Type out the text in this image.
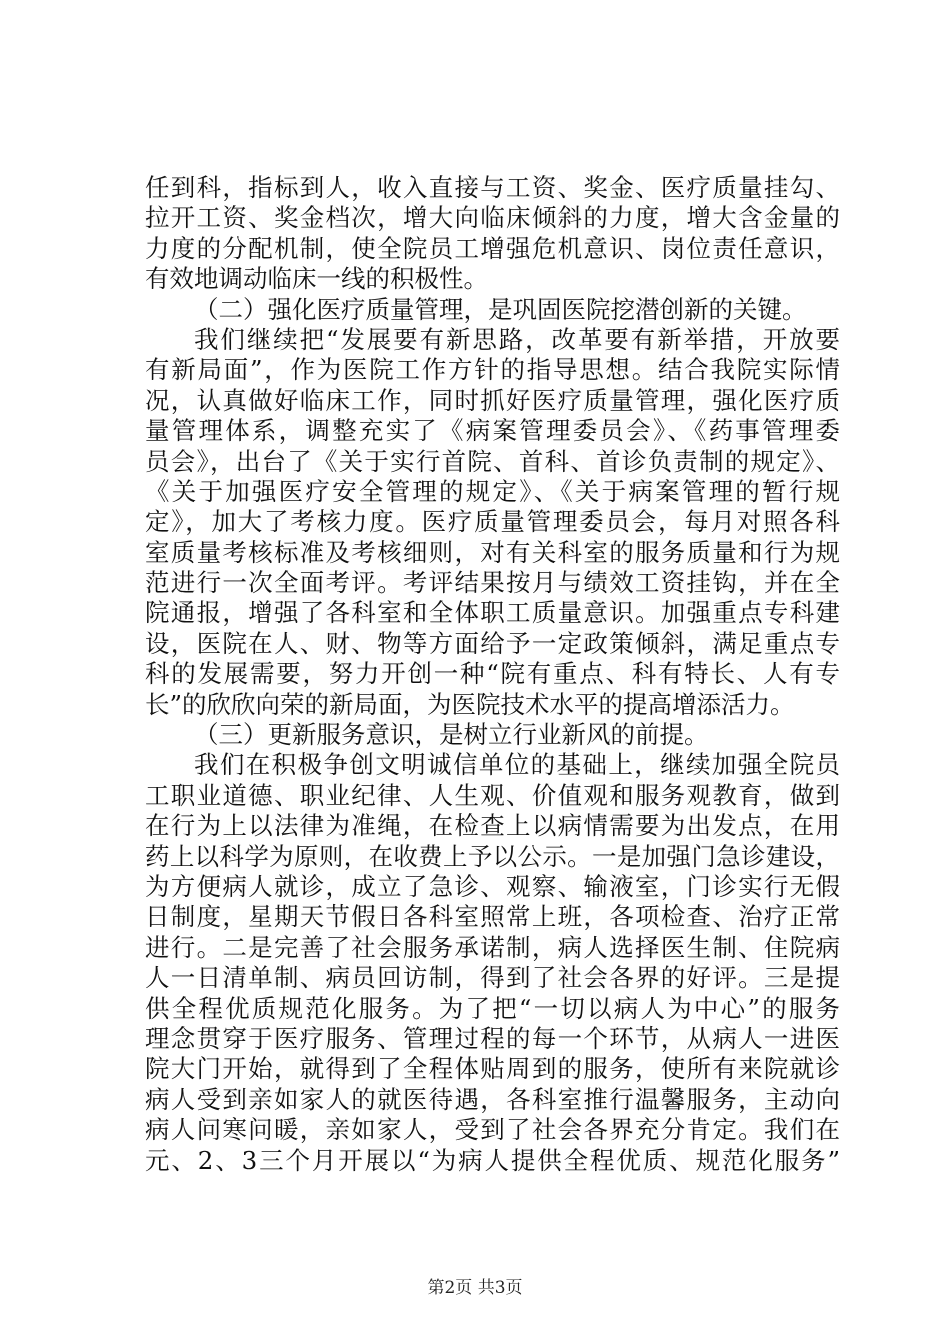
任到科，指标到人，收入直接与工资、奖金、医疗质量挂勾、
拉开工资、奖金档次，增大向临床倾斜的力度，增大含金量的
力度的分配机制，使全院员工增强危机意识、岗位责任意识，
有效地调动临床一线的积极性。
（二）强化医疗质量管理，是巩固医院挖潜创新的关键。
我们继续把“发展要有新思路，改革要有新举措，开放要
有新局面”，作为医院工作方针的指导思想。结合我院实际情
况，认真做好临床工作，同时抓好医疗质量管理，强化医疗质
量管理体系，调整充实了《病案管理委员会》、《药事管理委
员会》，出台了《关于实行首院、首科、首诊负责制的规定》、
《关于加强医疗安全管理的规定》、《关于病案管理的暂行规
定》，加大了考核力度。医疗质量管理委员会，每月对照各科
室质量考核标准及考核细则，对有关科室的服务质量和行为规
范进行一次全面考评。考评结果按月与绩效工资挂钩，并在全
院通报，增强了各科室和全体职工质量意识。加强重点专科建
设，医院在人、财、物等方面给予一定政策倾斜，满足重点专
科的发展需要，努力开创一种“院有重点、科有特长、人有专
长”的欣欣向荣的新局面，为医院技术水平的提高增添活力。
（三）更新服务意识，是树立行业新风的前提。
我们在积极争创文明诚信单位的基础上，继续加强全院员
工职业道德、职业纪律、人生观、价值观和服务观教育，做到
在行为上以法律为准绳，在检查上以病情需要为出发点，在用
药上以科学为原则，在收费上予以公示。一是加强门急诊建设，
为方便病人就诊，成立了急诊、观察、输液室，门诊实行无假
日制度，星期天节假日各科室照常上班，各项检查、治疗正常
进行。二是完善了社会服务承诺制，病人选择医生制、住院病
人一日清单制、病员回访制，得到了社会各界的好评。三是提
供全程优质规范化服务。为了把“一切以病人为中心”的服务
理念贯穿于医疗服务、管理过程的每一个环节，从病人一进医
院大门开始，就得到了全程体贴周到的服务，使所有来院就诊
病人受到亲如家人的就医待遇，各科室推行温馨服务，主动向
病人问寒问暖，亲如家人，受到了社会各界充分肯定。我们在
元、2、3三个月开展以“为病人提供全程优质、规范化服务”
第2页 共3页
